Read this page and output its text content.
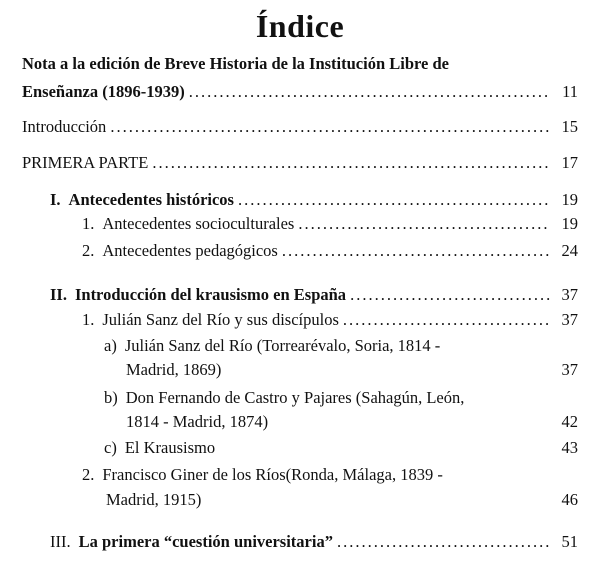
Índice
Nota a la edición de Breve Historia de la Institución Libre de
Enseñanza (1896-1939) .....	11
Introducción .....	15
PRIMERA PARTE .....	17
I. Antecedentes históricos .....	19
1. Antecedentes socioculturales .....	19
2. Antecedentes pedagógicos .....	24
II. Introducción del krausismo en España .....	37
1. Julián Sanz del Río y sus discípulos .....	37
a) Julián Sanz del Río (Torrearévalo, Soria, 1814 -
Madrid, 1869)	37
b) Don Fernando de Castro y Pajares (Sahagún, León,
1814 - Madrid, 1874)	42
c) El Krausismo	43
2. Francisco Giner de los Ríos(Ronda, Málaga, 1839 -
Madrid, 1915)	46
III. La primera “cuestión universitaria” .....	51
